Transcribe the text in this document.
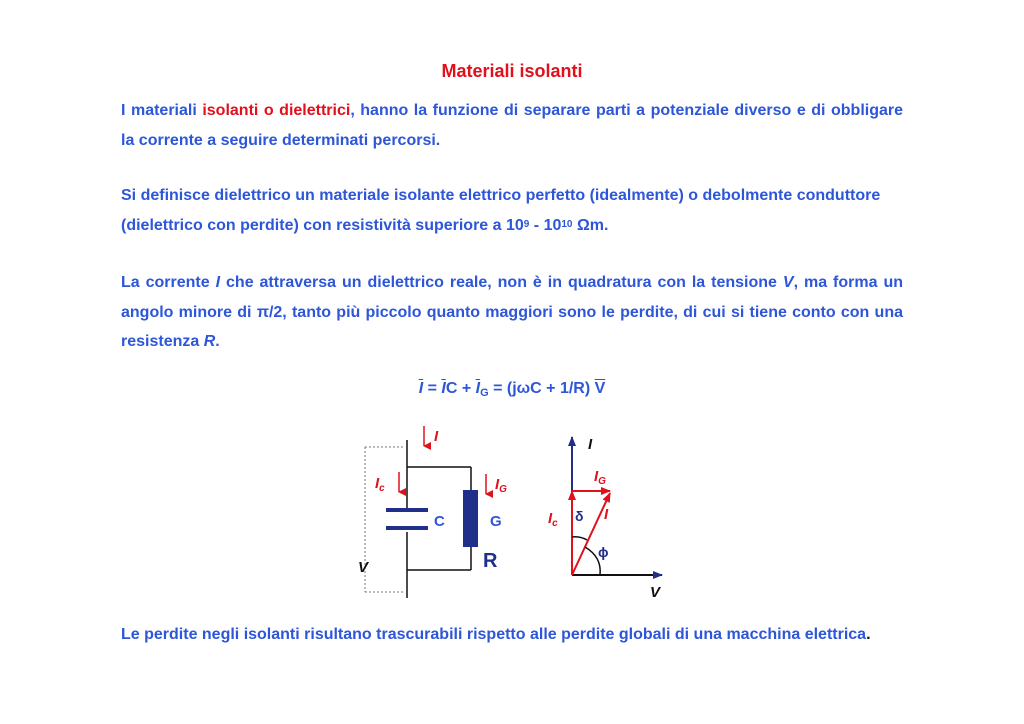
Materiali isolanti
I materiali isolanti o dielettrici, hanno la funzione di separare parti a potenziale diverso e di obbligare la corrente a seguire determinati percorsi.
Si definisce dielettrico un materiale isolante elettrico perfetto (idealmente) o debolmente conduttore (dielettrico con perdite) con resistività superiore a $10^9 - 10^{10}$ Ωm.
La corrente I che attraversa un dielettrico reale, non è in quadratura con la tensione V, ma forma un angolo minore di π/2, tanto più piccolo quanto maggiori sono le perdite, di cui si tiene conto con una resistenza R.
$\overline{I} = \overline{I}C + \overline{I}G = (j\omega C + 1/R)$ $\overline{V}$
V
C	G
R
I
$I_c$	$I_G$
I
V
$I_c$
$I_G$
I
δ
ϕ
Le perdite negli isolanti risultano trascurabili rispetto alle perdite globali di una macchina elettrica.
